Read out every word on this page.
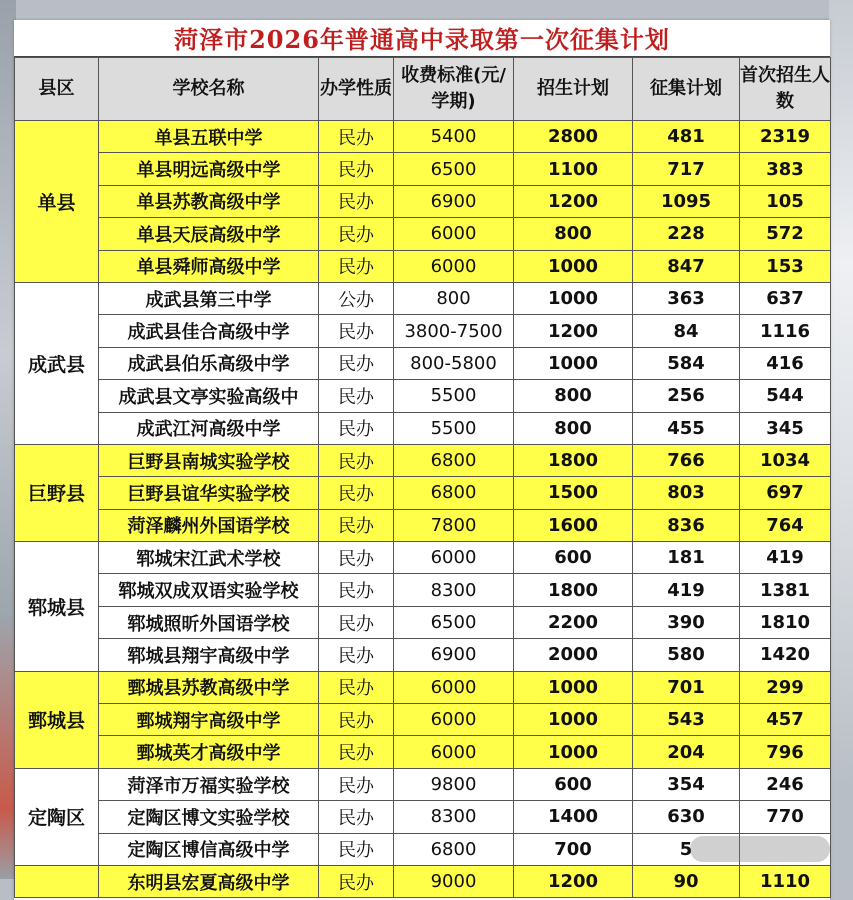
菏泽市2026年普通高中录取第一次征集计划
县区	学校名称	办学性质	收费标准(元/学期)	招生计划	征集计划	首次招生人数
单县	单县五联中学	民办	5400	2800	481	2319
	单县明远高级中学	民办	6500	1100	717	383
	单县苏教高级中学	民办	6900	1200	1095	105
	单县天辰高级中学	民办	6000	800	228	572
	单县舜师高级中学	民办	6000	1000	847	153
成武县	成武县第三中学	公办	800	1000	363	637
	成武县佳合高级中学	民办	3800-7500	1200	84	1116
	成武县伯乐高级中学	民办	800-5800	1000	584	416
	成武县文亭实验高级中	民办	5500	800	256	544
	成武江河高级中学	民办	5500	800	455	345
巨野县	巨野县南城实验学校	民办	6800	1800	766	1034
	巨野县谊华实验学校	民办	6800	1500	803	697
	菏泽麟州外国语学校	民办	7800	1600	836	764
郓城县	郓城宋江武术学校	民办	6000	600	181	419
	郓城双成双语实验学校	民办	8300	1800	419	1381
	郓城照昕外国语学校	民办	6500	2200	390	1810
	郓城县翔宇高级中学	民办	6900	2000	580	1420
鄄城县	鄄城县苏教高级中学	民办	6000	1000	701	299
	鄄城翔宇高级中学	民办	6000	1000	543	457
	鄄城英才高级中学	民办	6000	1000	204	796
定陶区	菏泽市万福实验学校	民办	9800	600	354	246
	定陶区博文实验学校	民办	8300	1400	630	770
	定陶区博信高级中学	民办	6800	700	5	
	东明县宏夏高级中学	民办	9000	1200	90	1110
